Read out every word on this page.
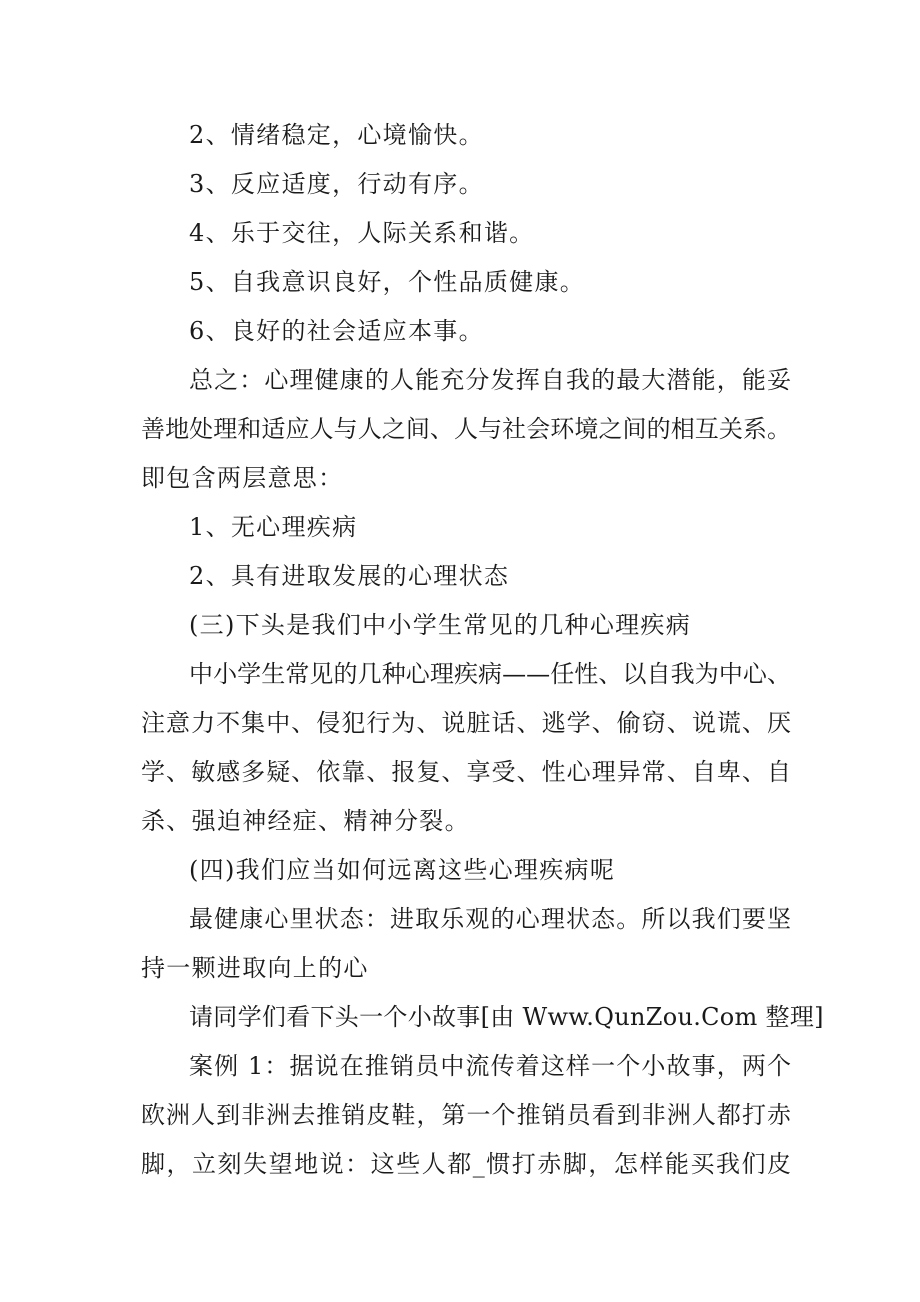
2、情绪稳定，心境愉快。
3、反应适度，行动有序。
4、乐于交往，人际关系和谐。
5、自我意识良好，个性品质健康。
6、良好的社会适应本事。
总之：心理健康的人能充分发挥自我的最大潜能，能妥
善地处理和适应人与人之间、人与社会环境之间的相互关系。
即包含两层意思：
1、无心理疾病
2、具有进取发展的心理状态
(三)下头是我们中小学生常见的几种心理疾病
中小学生常见的几种心理疾病——任性、以自我为中心、
注意力不集中、侵犯行为、说脏话、逃学、偷窃、说谎、厌
学、敏感多疑、依靠、报复、享受、性心理异常、自卑、自
杀、强迫神经症、精神分裂。
(四)我们应当如何远离这些心理疾病呢
最健康心里状态：进取乐观的心理状态。所以我们要坚
持一颗进取向上的心
请同学们看下头一个小故事[由 Www.QunZou.Com 整理]
案例 1：据说在推销员中流传着这样一个小故事，两个
欧洲人到非洲去推销皮鞋，第一个推销员看到非洲人都打赤
脚，立刻失望地说：这些人都_惯打赤脚，怎样能买我们皮
